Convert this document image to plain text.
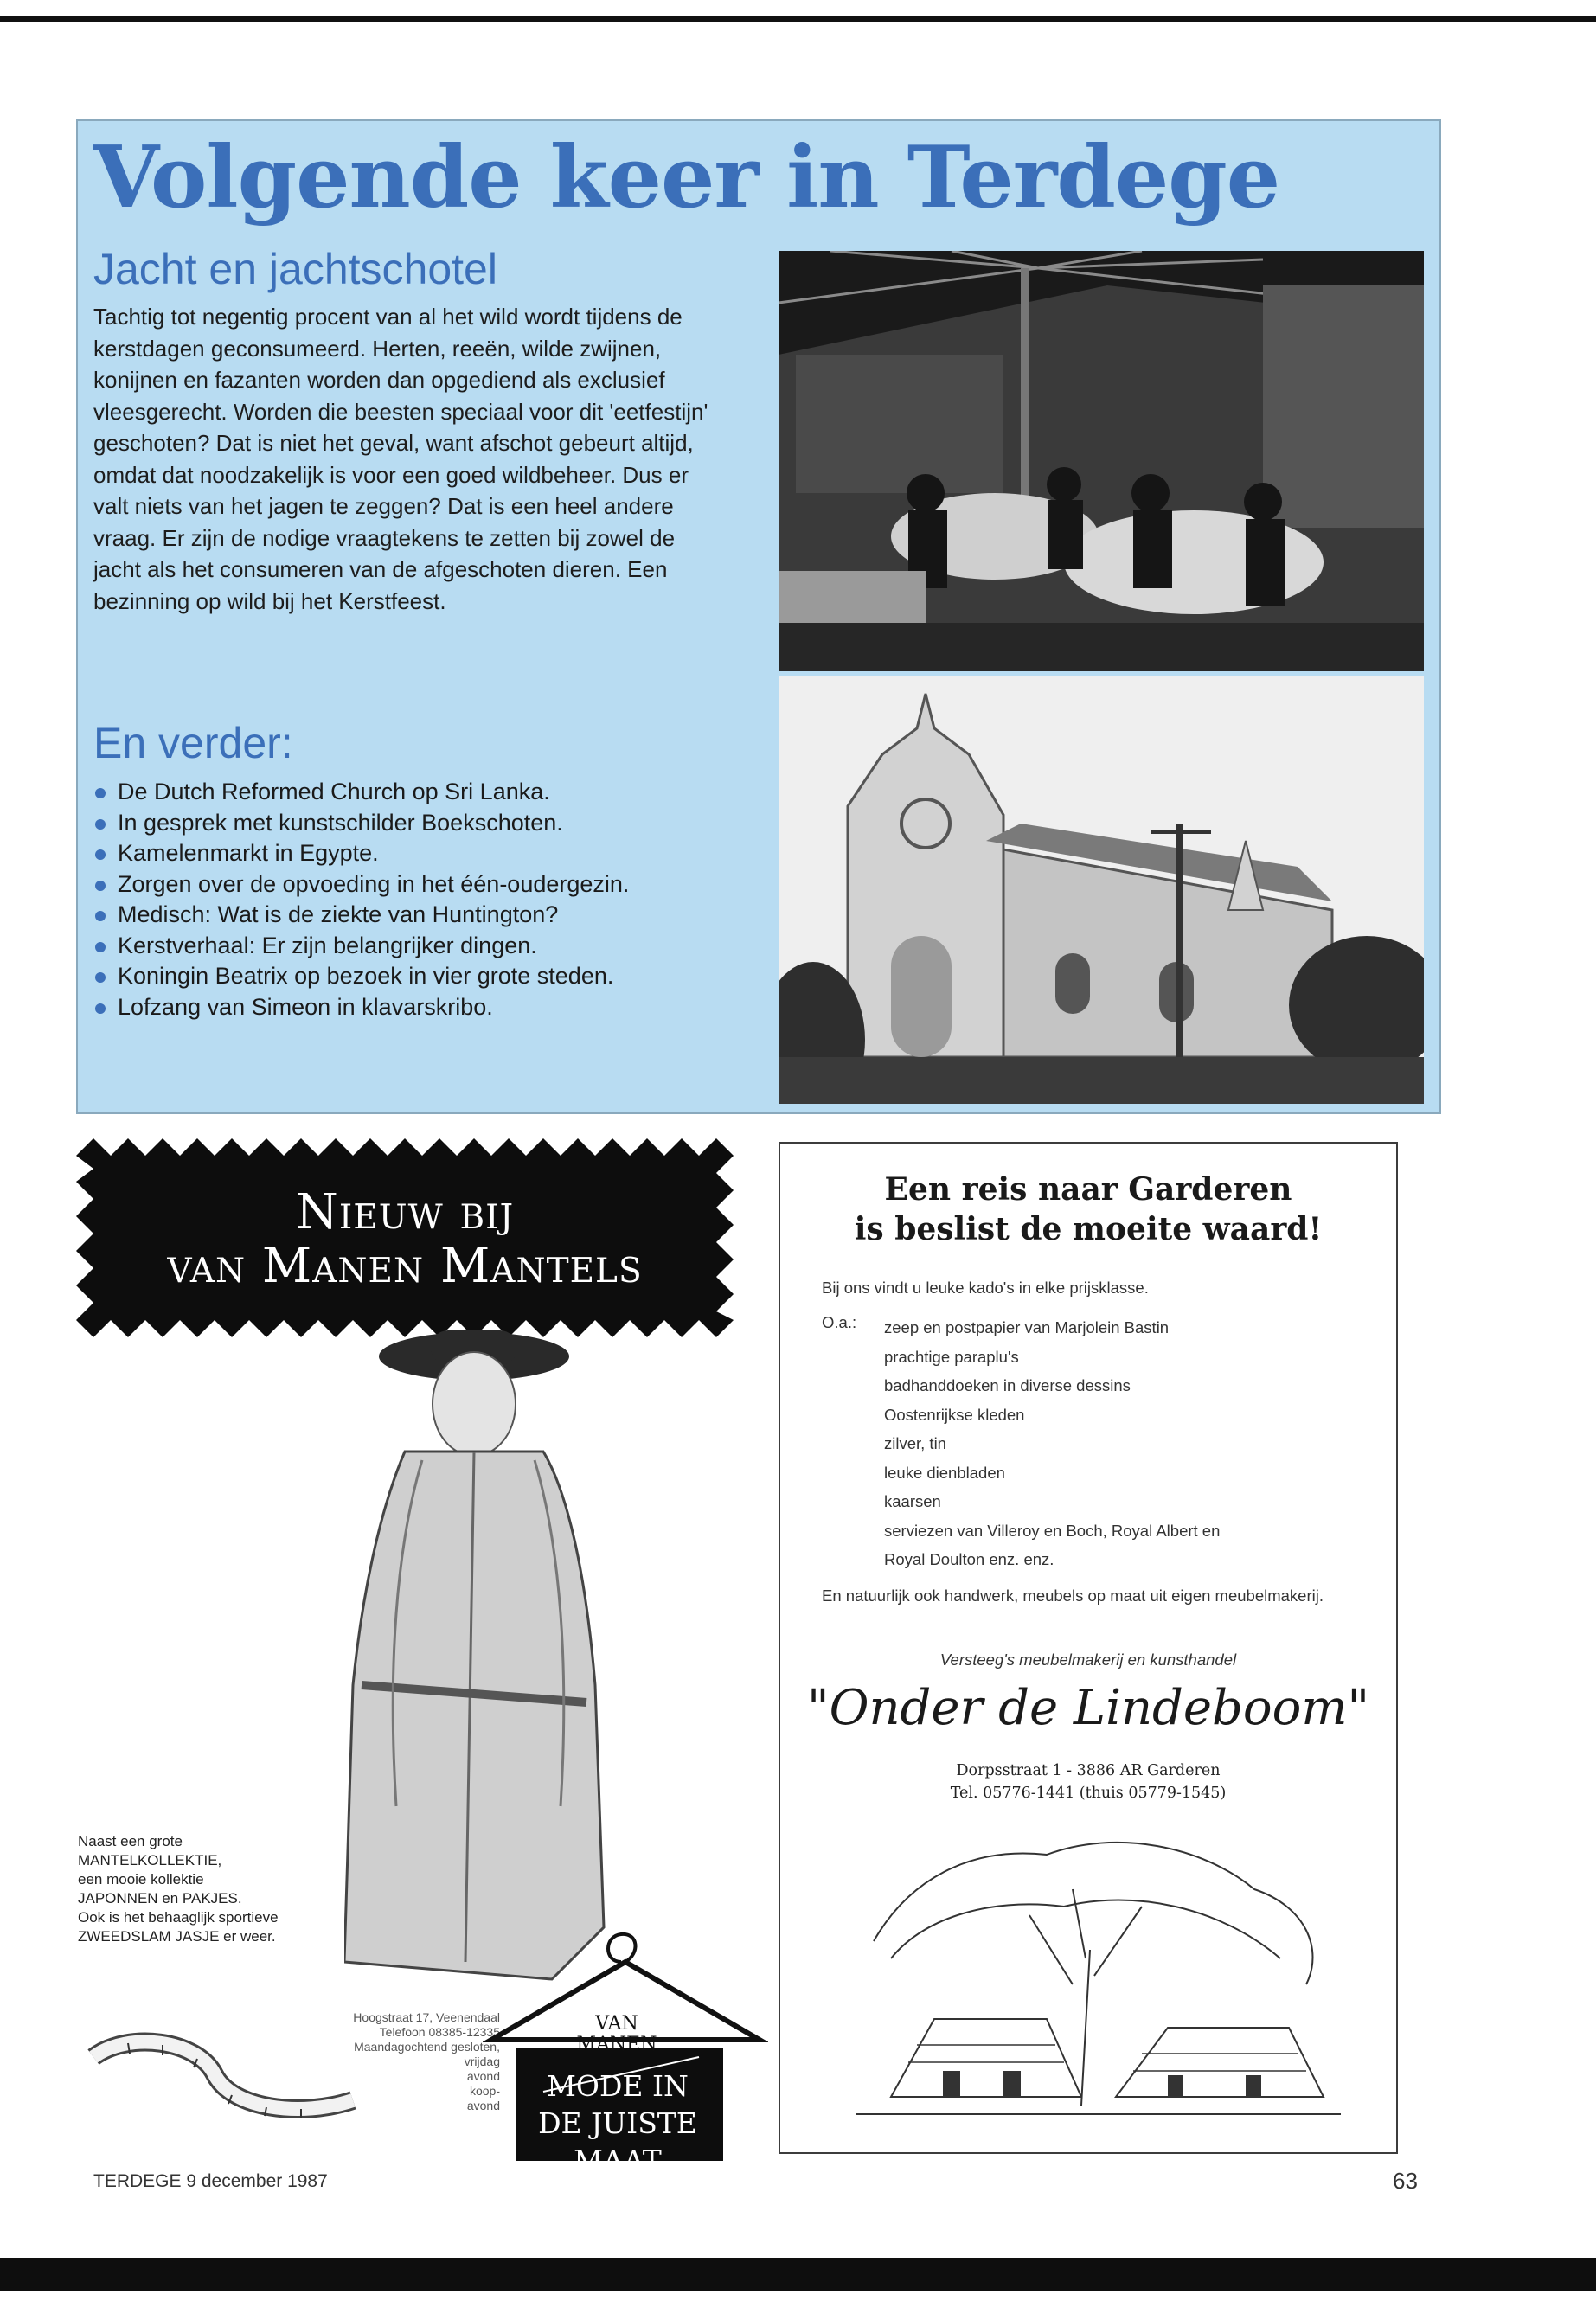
Volgende keer in Terdege
Jacht en jachtschotel

Tachtig tot negentig procent van al het wild wordt tijdens de kerstdagen geconsumeerd. Herten, reeën, wilde zwijnen, konijnen en fazanten worden dan opgediend als exclusief vleesgerecht. Worden die beesten speciaal voor dit 'eetfestijn' geschoten? Dat is niet het geval, want afschot gebeurt altijd, omdat dat noodzakelijk is voor een goed wildbeheer. Dus er valt niets van het jagen te zeggen? Dat is een heel andere vraag. Er zijn de nodige vraagtekens te zetten bij zowel de jacht als het consumeren van de afgeschoten dieren. Een bezinning op wild bij het Kerstfeest.

En verder:
De Dutch Reformed Church op Sri Lanka.
In gesprek met kunstschilder Boekschoten.
Kamelenmarkt in Egypte.
Zorgen over de opvoeding in het één-oudergezin.
Medisch: Wat is de ziekte van Huntington?
Kerstverhaal: Er zijn belangrijker dingen.
Koningin Beatrix op bezoek in vier grote steden.
Lofzang van Simeon in klavarskribo.
Nieuw bij
van Manen Mantels

Naast een grote
MANTELKOLLEKTIE,
een mooie kollektie
JAPONNEN en PAKJES.
Ook is het behaaglijk sportieve
ZWEEDSLAM JASJE er weer.

Hoogstraat 17, Veenendaal
Telefoon 08385-12335
Maandagochtend gesloten,
vrijdag
avond
koop-
avond

VAN
MANEN
MODE IN
DE JUISTE
MAAT
Een reis naar Garderen
is beslist de moeite waard!

Bij ons vindt u leuke kado's in elke prijsklasse.

O.a.: zeep en postpapier van Marjolein Bastin
prachtige paraplu's
badhanddoeken in diverse dessins
Oostenrijkse kleden
zilver, tin
leuke dienbladen
kaarsen
serviezen van Villeroy en Boch, Royal Albert en
Royal Doulton enz. enz.

En natuurlijk ook handwerk, meubels op maat uit eigen meubelmakerij.

Versteeg's meubelmakerij en kunsthandel

"Onder de Lindeboom"

Dorpsstraat 1 - 3886 AR Garderen
Tel. 05776-1441 (thuis 05779-1545)

TERDEGE 9 december 1987	63
